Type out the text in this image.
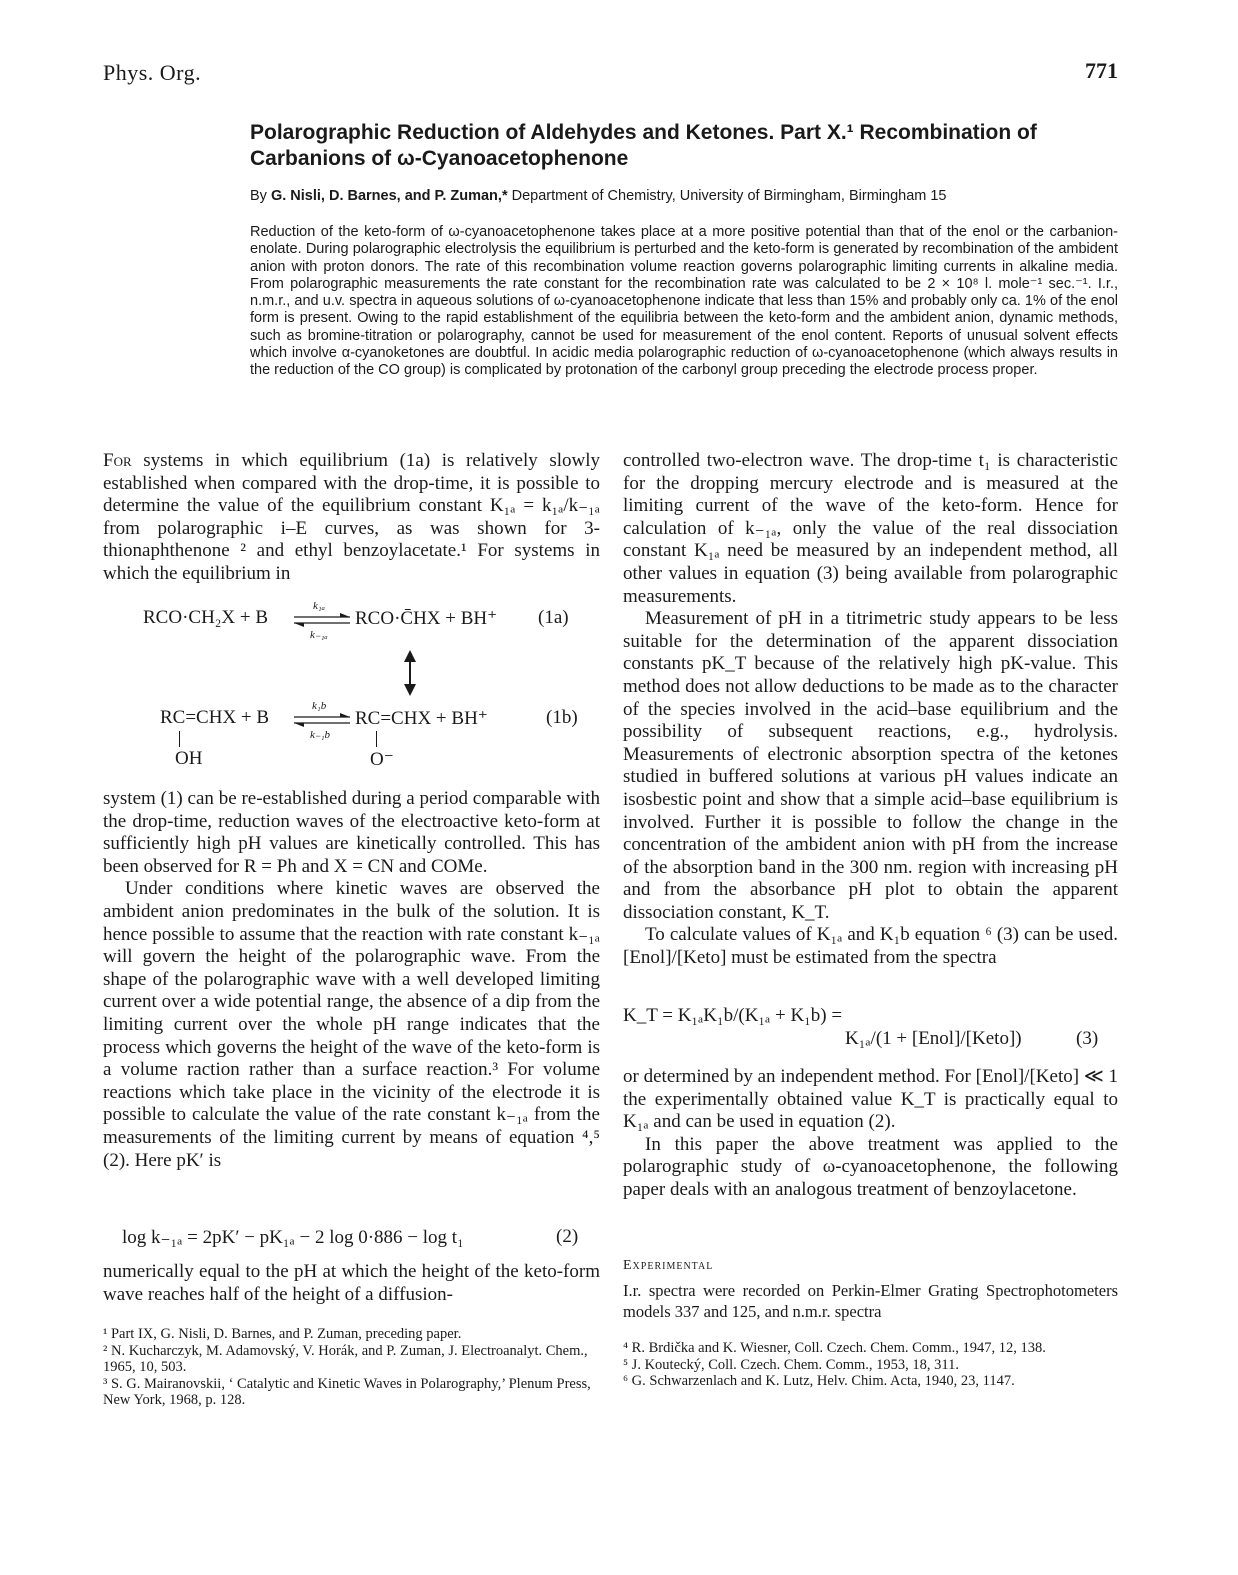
Phys. Org.	771
Polarographic Reduction of Aldehydes and Ketones. Part X.¹ Recombination of Carbanions of ω-Cyanoacetophenone
By G. Nisli, D. Barnes, and P. Zuman,* Department of Chemistry, University of Birmingham, Birmingham 15
Reduction of the keto-form of ω-cyanoacetophenone takes place at a more positive potential than that of the enol or the carbanion-enolate. During polarographic electrolysis the equilibrium is perturbed and the keto-form is generated by recombination of the ambident anion with proton donors. The rate of this recombination volume reaction governs polarographic limiting currents in alkaline media. From polarographic measurements the rate constant for the recombination rate was calculated to be 2 × 10⁸ l. mole⁻¹ sec.⁻¹. I.r., n.m.r., and u.v. spectra in aqueous solutions of ω-cyanoacetophenone indicate that less than 15% and probably only ca. 1% of the enol form is present. Owing to the rapid establishment of the equilibria between the keto-form and the ambident anion, dynamic methods, such as bromine-titration or polarography, cannot be used for measurement of the enol content. Reports of unusual solvent effects which involve α-cyanoketones are doubtful. In acidic media polarographic reduction of ω-cyanoacetophenone (which always results in the reduction of the CO group) is complicated by protonation of the carbonyl group preceding the electrode process proper.

For systems in which equilibrium (1a) is relatively slowly established when compared with the drop-time, it is possible to determine the value of the equilibrium constant K₁ₐ = k₁ₐ/k₋₁ₐ from polarographic i–E curves, as was shown for 3-thionaphthenone ² and ethyl benzoylacetate.¹ For systems in which the equilibrium in

RCO·CH₂X + B
k₁ₐ
k₋₁ₐ
RCO·C̄HX + BH⁺ (1a)
RC=CHX + B
k₁b
k₋₁b
RC=CHX + BH⁺	(1b)
OH	O⁻

system (1) can be re-established during a period comparable with the drop-time, reduction waves of the electroactive keto-form at sufficiently high pH values are kinetically controlled. This has been observed for R = Ph and X = CN and COMe.

Under conditions where kinetic waves are observed the ambident anion predominates in the bulk of the solution. It is hence possible to assume that the reaction with rate constant k₋₁ₐ will govern the height of the polarographic wave. From the shape of the polarographic wave with a well developed limiting current over a wide potential range, the absence of a dip from the limiting current over the whole pH range indicates that the process which governs the height of the wave of the keto-form is a volume raction rather than a surface reaction.³ For volume reactions which take place in the vicinity of the electrode it is possible to calculate the value of the rate constant k₋₁ₐ from the measurements of the limiting current by means of equation ⁴,⁵ (2). Here pK′ is

log k₋₁ₐ = 2pK′ − pK₁ₐ − 2 log 0·886 − log t₁	(2)

numerically equal to the pH at which the height of the keto-form wave reaches half of the height of a diffusion-

controlled two-electron wave. The drop-time t₁ is characteristic for the dropping mercury electrode and is measured at the limiting current of the wave of the keto-form. Hence for calculation of k₋₁ₐ, only the value of the real dissociation constant K₁ₐ need be measured by an independent method, all other values in equation (3) being available from polarographic measurements.

Measurement of pH in a titrimetric study appears to be less suitable for the determination of the apparent dissociation constants pK_T because of the relatively high pK-value. This method does not allow deductions to be made as to the character of the species involved in the acid–base equilibrium and the possibility of subsequent reactions, e.g., hydrolysis. Measurements of electronic absorption spectra of the ketones studied in buffered solutions at various pH values indicate an isosbestic point and show that a simple acid–base equilibrium is involved. Further it is possible to follow the change in the concentration of the ambident anion with pH from the increase of the absorption band in the 300 nm. region with increasing pH and from the absorbance pH plot to obtain the apparent dissociation constant, K_T.

To calculate values of K₁ₐ and K₁b equation ⁶ (3) can be used. [Enol]/[Keto] must be estimated from the spectra

K_T = K₁ₐK₁b/(K₁ₐ + K₁b) =
K₁ₐ/(1 + [Enol]/[Keto])	(3)

or determined by an independent method. For [Enol]/[Keto] ≪ 1 the experimentally obtained value K_T is practically equal to K₁ₐ and can be used in equation (2).

In this paper the above treatment was applied to the polarographic study of ω-cyanoacetophenone, the following paper deals with an analogous treatment of benzoylacetone.

Experimental
I.r. spectra were recorded on Perkin-Elmer Grating Spectrophotometers models 337 and 125, and n.m.r. spectra
¹ Part IX, G. Nisli, D. Barnes, and P. Zuman, preceding paper.
² N. Kucharczyk, M. Adamovský, V. Horák, and P. Zuman, J. Electroanalyt. Chem., 1965, 10, 503.
³ S. G. Mairanovskii, ‘ Catalytic and Kinetic Waves in Polarography,’ Plenum Press, New York, 1968, p. 128.
⁴ R. Brdička and K. Wiesner, Coll. Czech. Chem. Comm., 1947, 12, 138.
⁵ J. Koutecký, Coll. Czech. Chem. Comm., 1953, 18, 311.
⁶ G. Schwarzenlach and K. Lutz, Helv. Chim. Acta, 1940, 23, 1147.
